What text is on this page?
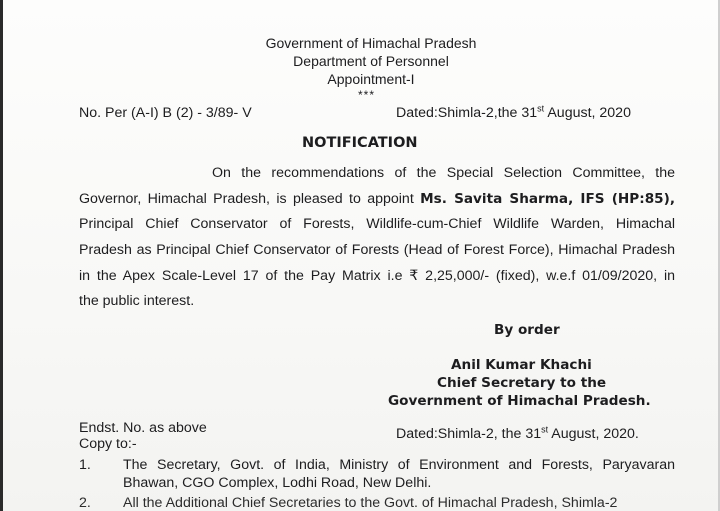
Government of Himachal Pradesh
Department of Personnel
Appointment-I
***
No. Per (A-I) B (2) - 3/89- V	Dated:Shimla-2,the 31st August, 2020
NOTIFICATION
On the recommendations of the Special Selection Committee, the
Governor, Himachal Pradesh, is pleased to appoint Ms. Savita Sharma, IFS (HP:85),
Principal Chief Conservator of Forests, Wildlife-cum-Chief Wildlife Warden, Himachal
Pradesh as Principal Chief Conservator of Forests (Head of Forest Force), Himachal Pradesh
in the Apex Scale-Level 17 of the Pay Matrix i.e ₹ 2,25,000/- (fixed), w.e.f 01/09/2020, in
the public interest.
By order
Anil Kumar Khachi
Chief Secretary to the
Government of Himachal Pradesh.
Endst. No. as above
Copy to:-
Dated:Shimla-2, the 31st August, 2020.
1. The Secretary, Govt. of India, Ministry of Environment and Forests, Paryavaran
Bhawan, CGO Complex, Lodhi Road, New Delhi.
2. All the Additional Chief Secretaries to the Govt. of Himachal Pradesh, Shimla-2
